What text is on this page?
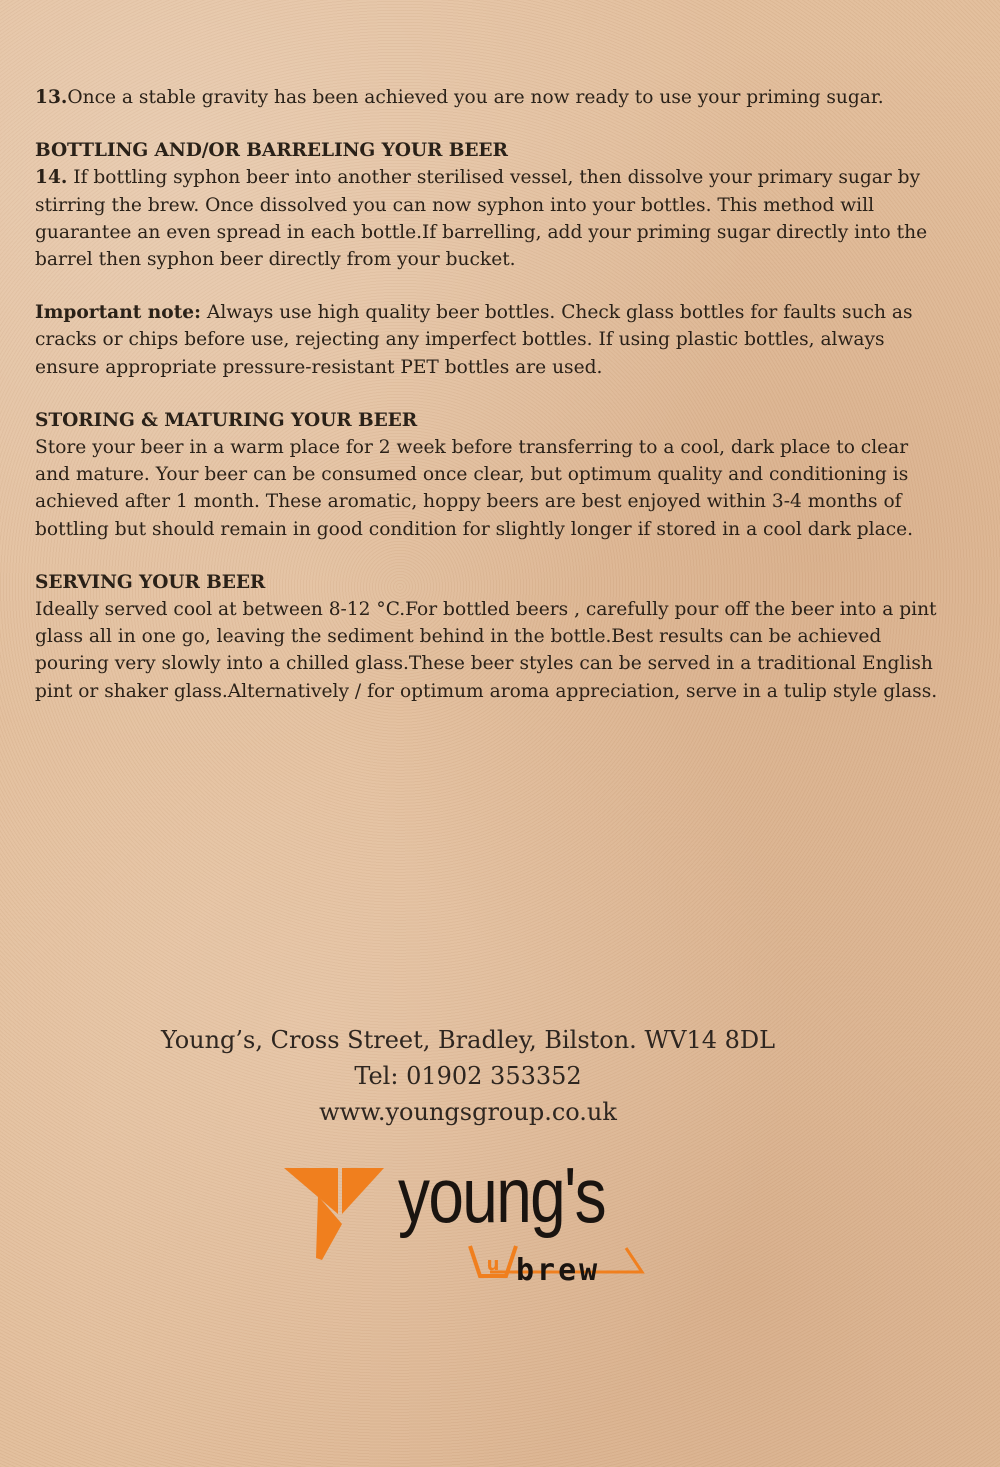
13.Once a stable gravity has been achieved you are now ready to use your priming sugar.

BOTTLING AND/OR BARRELING YOUR BEER

14. If bottling syphon beer into another sterilised vessel, then dissolve your primary sugar by stirring the brew. Once dissolved you can now syphon into your bottles. This method will guarantee an even spread in each bottle.If barrelling, add your priming sugar directly into the barrel then syphon beer directly from your bucket.

Important note: Always use high quality beer bottles. Check glass bottles for faults such as cracks or chips before use, rejecting any imperfect bottles. If using plastic bottles, always ensure appropriate pressure-resistant PET bottles are used.

STORING & MATURING YOUR BEER

Store your beer in a warm place for 2 week before transferring to a cool, dark place to clear and mature. Your beer can be consumed once clear, but optimum quality and conditioning is achieved after 1 month. These aromatic, hoppy beers are best enjoyed within 3-4 months of bottling but should remain in good condition for slightly longer if stored in a cool dark place.

SERVING YOUR BEER

Ideally served cool at between 8-12 °C.For bottled beers , carefully pour off the beer into a pint glass all in one go, leaving the sediment behind in the bottle.Best results can be achieved pouring very slowly into a chilled glass.These beer styles can be served in a traditional English pint or shaker glass.Alternatively / for optimum aroma appreciation, serve in a tulip style glass.

Young’s, Cross Street, Bradley, Bilston. WV14 8DL
Tel: 01902 353352
www.youngsgroup.co.uk
u
young's
brew
